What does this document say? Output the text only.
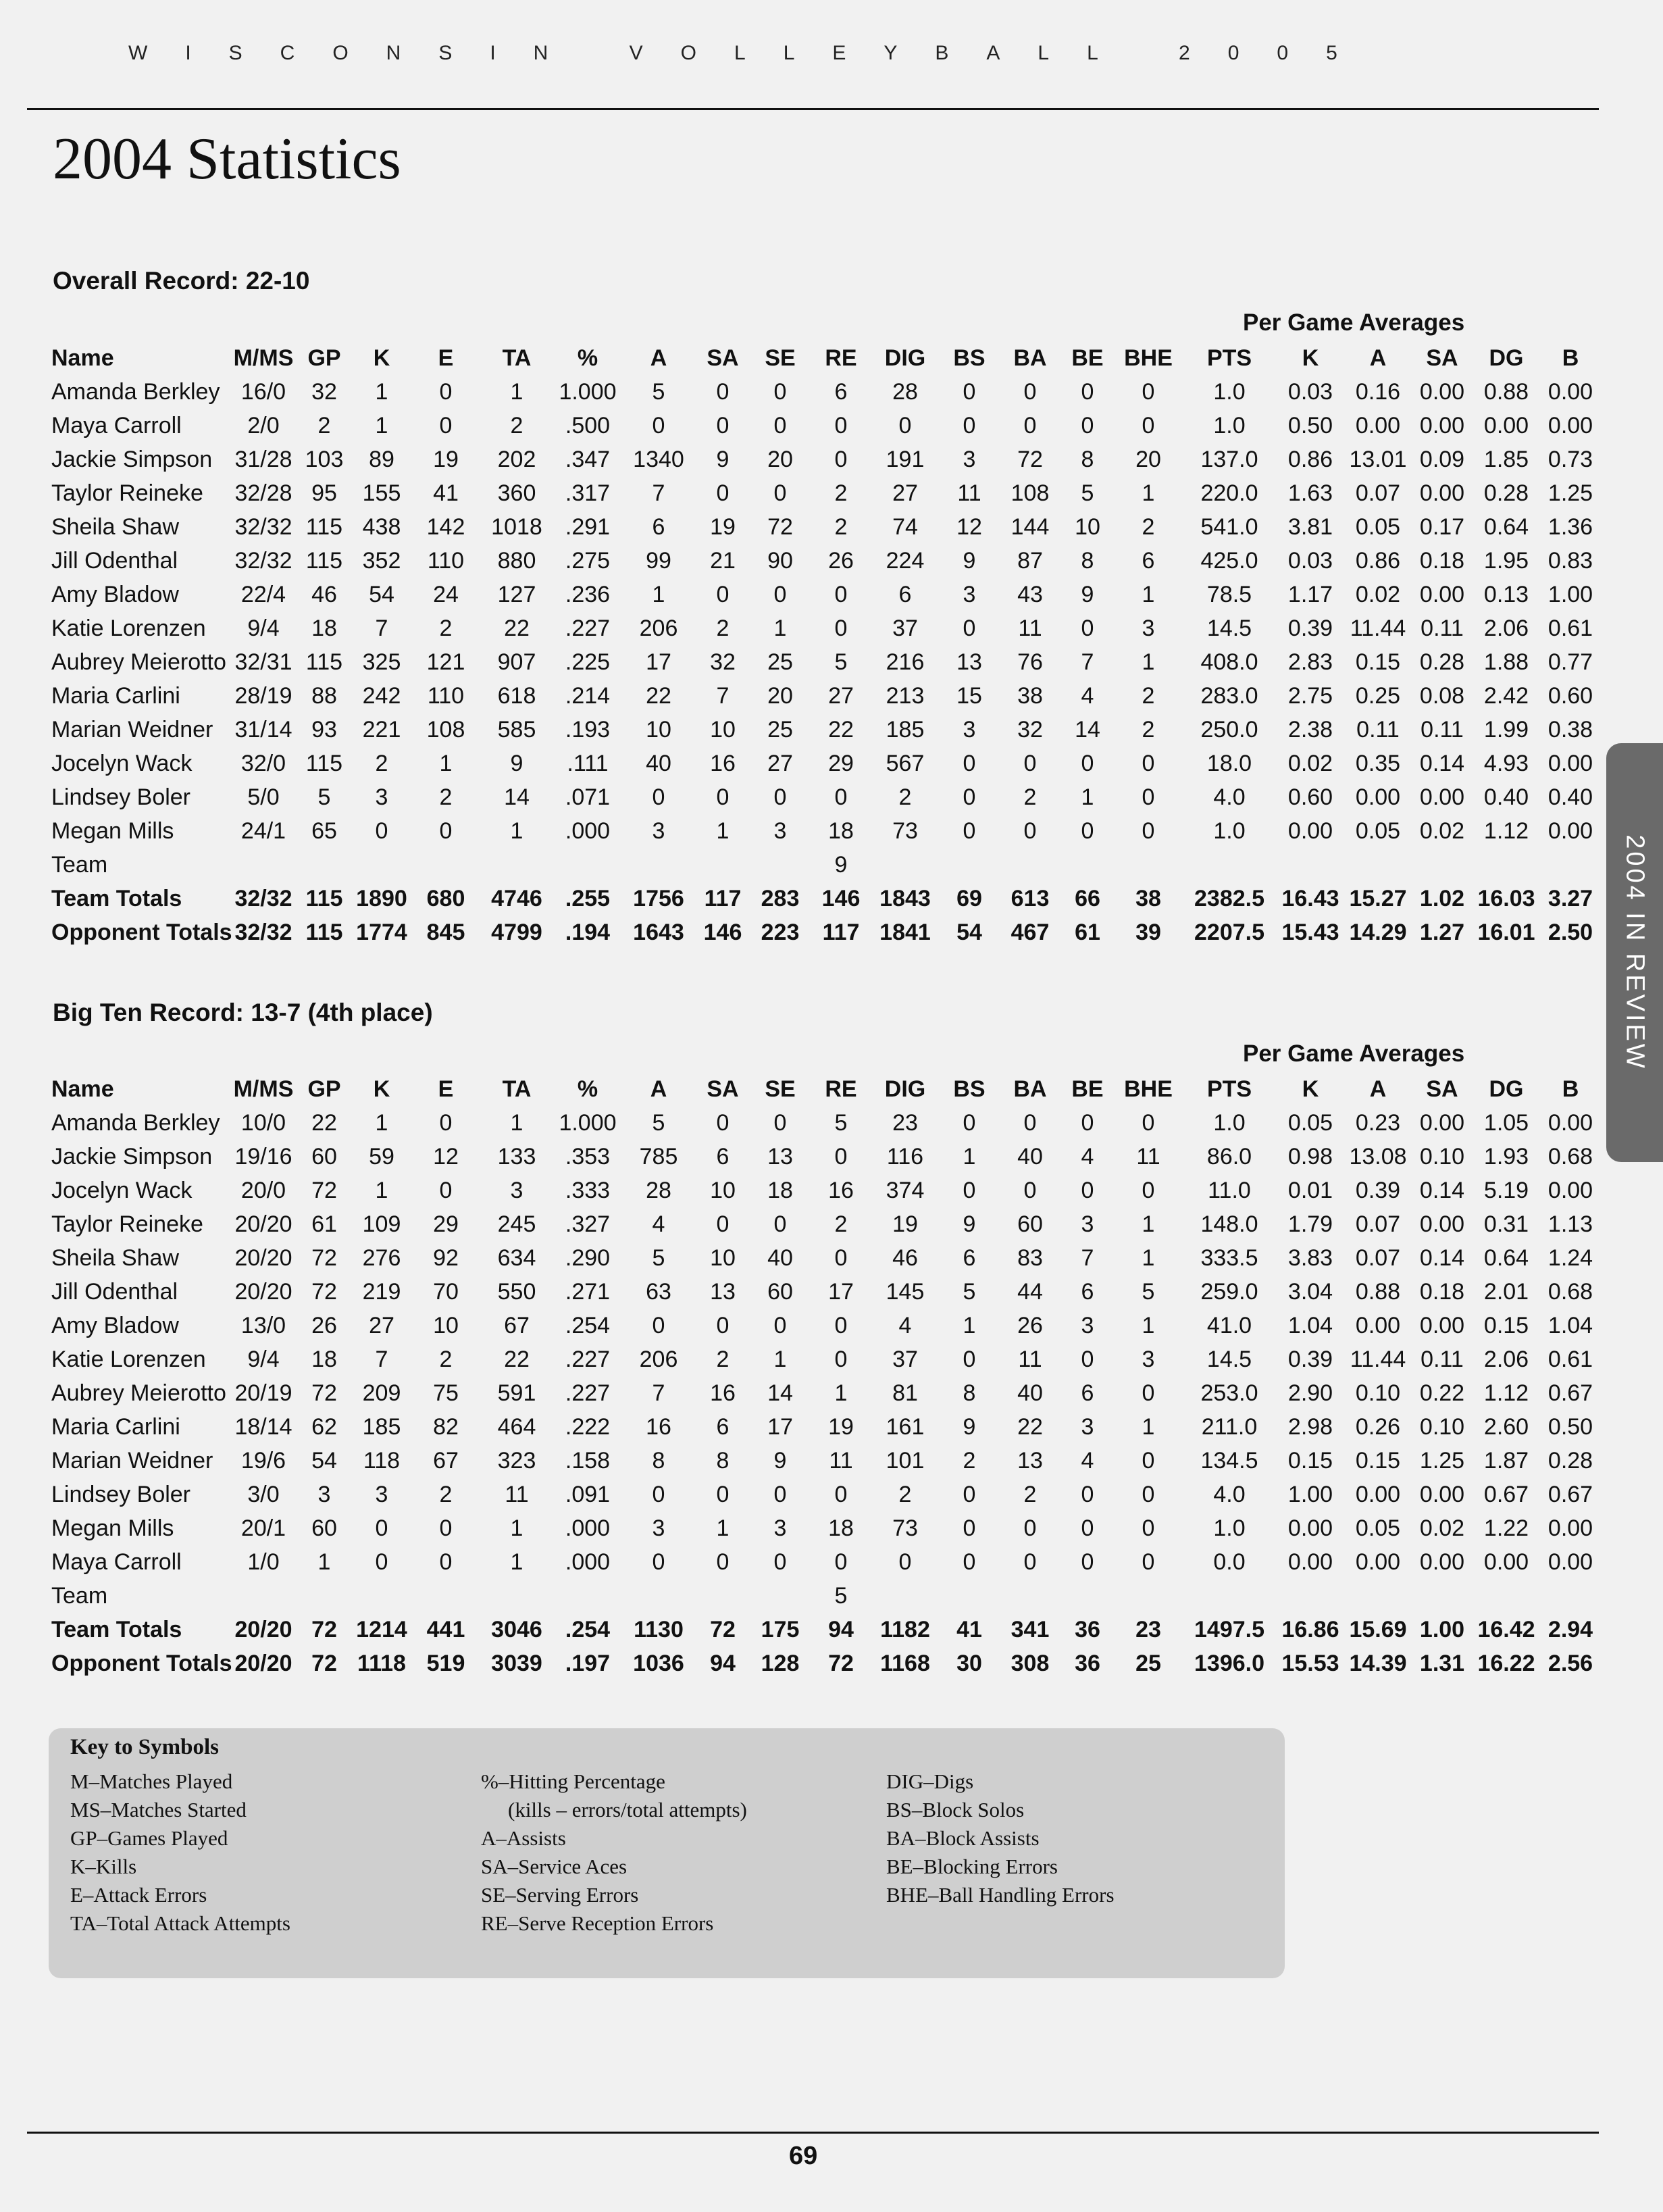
WISCONSIN VOLLEYBALL 2005
2004 Statistics
Overall Record: 22-10
Per Game Averages
Name	M/MS	GP	K	E	TA	%	A	SA	SE	RE	DIG	BS	BA	BE	BHE	PTS	K	A	SA	DG	B
Amanda Berkley	16/0	32	1	0	1	1.000	5	0	0	6	28	0	0	0	0	1.0	0.03	0.16	0.00	0.88	0.00
Maya Carroll	2/0	2	1	0	2	.500	0	0	0	0	0	0	0	0	0	1.0	0.50	0.00	0.00	0.00	0.00
Jackie Simpson	31/28	103	89	19	202	.347	1340	9	20	0	191	3	72	8	20	137.0	0.86	13.01	0.09	1.85	0.73
Taylor Reineke	32/28	95	155	41	360	.317	7	0	0	2	27	11	108	5	1	220.0	1.63	0.07	0.00	0.28	1.25
Sheila Shaw	32/32	115	438	142	1018	.291	6	19	72	2	74	12	144	10	2	541.0	3.81	0.05	0.17	0.64	1.36
Jill Odenthal	32/32	115	352	110	880	.275	99	21	90	26	224	9	87	8	6	425.0	0.03	0.86	0.18	1.95	0.83
Amy Bladow	22/4	46	54	24	127	.236	1	0	0	0	6	3	43	9	1	78.5	1.17	0.02	0.00	0.13	1.00
Katie Lorenzen	9/4	18	7	2	22	.227	206	2	1	0	37	0	11	0	3	14.5	0.39	11.44	0.11	2.06	0.61
Aubrey Meierotto	32/31	115	325	121	907	.225	17	32	25	5	216	13	76	7	1	408.0	2.83	0.15	0.28	1.88	0.77
Maria Carlini	28/19	88	242	110	618	.214	22	7	20	27	213	15	38	4	2	283.0	2.75	0.25	0.08	2.42	0.60
Marian Weidner	31/14	93	221	108	585	.193	10	10	25	22	185	3	32	14	2	250.0	2.38	0.11	0.11	1.99	0.38
Jocelyn Wack	32/0	115	2	1	9	.111	40	16	27	29	567	0	0	0	0	18.0	0.02	0.35	0.14	4.93	0.00
Lindsey Boler	5/0	5	3	2	14	.071	0	0	0	0	2	0	2	1	0	4.0	0.60	0.00	0.00	0.40	0.40
Megan Mills	24/1	65	0	0	1	.000	3	1	3	18	73	0	0	0	0	1.0	0.00	0.05	0.02	1.12	0.00
Team										9											
Team Totals	32/32	115	1890	680	4746	.255	1756	117	283	146	1843	69	613	66	38	2382.5	16.43	15.27	1.02	16.03	3.27
Opponent Totals	32/32	115	1774	845	4799	.194	1643	146	223	117	1841	54	467	61	39	2207.5	15.43	14.29	1.27	16.01	2.50
Big Ten Record: 13-7 (4th place)
Per Game Averages
Name	M/MS	GP	K	E	TA	%	A	SA	SE	RE	DIG	BS	BA	BE	BHE	PTS	K	A	SA	DG	B
Amanda Berkley	10/0	22	1	0	1	1.000	5	0	0	5	23	0	0	0	0	1.0	0.05	0.23	0.00	1.05	0.00
Jackie Simpson	19/16	60	59	12	133	.353	785	6	13	0	116	1	40	4	11	86.0	0.98	13.08	0.10	1.93	0.68
Jocelyn Wack	20/0	72	1	0	3	.333	28	10	18	16	374	0	0	0	0	11.0	0.01	0.39	0.14	5.19	0.00
Taylor Reineke	20/20	61	109	29	245	.327	4	0	0	2	19	9	60	3	1	148.0	1.79	0.07	0.00	0.31	1.13
Sheila Shaw	20/20	72	276	92	634	.290	5	10	40	0	46	6	83	7	1	333.5	3.83	0.07	0.14	0.64	1.24
Jill Odenthal	20/20	72	219	70	550	.271	63	13	60	17	145	5	44	6	5	259.0	3.04	0.88	0.18	2.01	0.68
Amy Bladow	13/0	26	27	10	67	.254	0	0	0	0	4	1	26	3	1	41.0	1.04	0.00	0.00	0.15	1.04
Katie Lorenzen	9/4	18	7	2	22	.227	206	2	1	0	37	0	11	0	3	14.5	0.39	11.44	0.11	2.06	0.61
Aubrey Meierotto	20/19	72	209	75	591	.227	7	16	14	1	81	8	40	6	0	253.0	2.90	0.10	0.22	1.12	0.67
Maria Carlini	18/14	62	185	82	464	.222	16	6	17	19	161	9	22	3	1	211.0	2.98	0.26	0.10	2.60	0.50
Marian Weidner	19/6	54	118	67	323	.158	8	8	9	11	101	2	13	4	0	134.5	0.15	0.15	1.25	1.87	0.28
Lindsey Boler	3/0	3	3	2	11	.091	0	0	0	0	2	0	2	0	0	4.0	1.00	0.00	0.00	0.67	0.67
Megan Mills	20/1	60	0	0	1	.000	3	1	3	18	73	0	0	0	0	1.0	0.00	0.05	0.02	1.22	0.00
Maya Carroll	1/0	1	0	0	1	.000	0	0	0	0	0	0	0	0	0	0.0	0.00	0.00	0.00	0.00	0.00
Team										5											
Team Totals	20/20	72	1214	441	3046	.254	1130	72	175	94	1182	41	341	36	23	1497.5	16.86	15.69	1.00	16.42	2.94
Opponent Totals	20/20	72	1118	519	3039	.197	1036	94	128	72	1168	30	308	36	25	1396.0	15.53	14.39	1.31	16.22	2.56
Key to Symbols
M–Matches Played
MS–Matches Started
GP–Games Played
K–Kills
E–Attack Errors
TA–Total Attack Attempts
%–Hitting Percentage
(kills – errors/total attempts)
A–Assists
SA–Service Aces
SE–Serving Errors
RE–Serve Reception Errors
DIG–Digs
BS–Block Solos
BA–Block Assists
BE–Blocking Errors
BHE–Ball Handling Errors
2004 IN REVIEW
69
